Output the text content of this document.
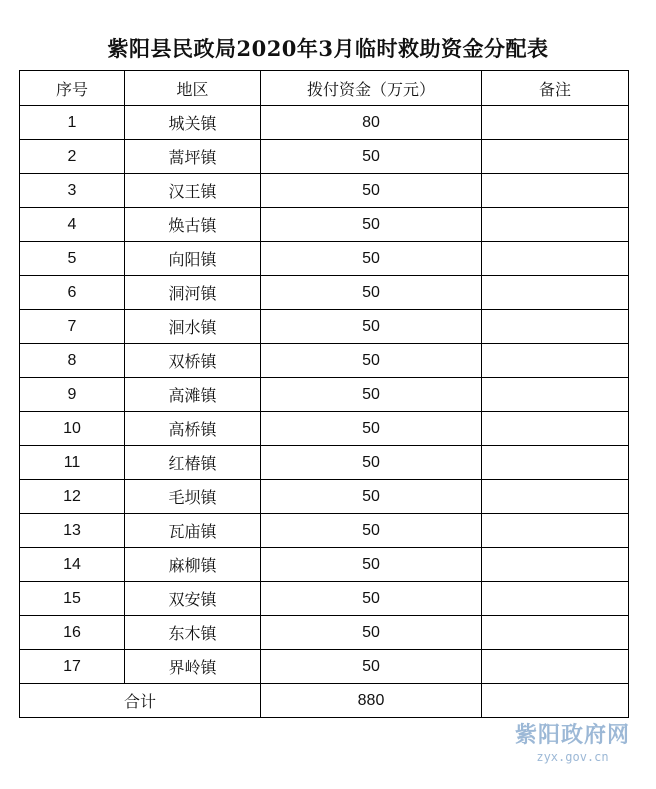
紫阳县民政局2020年3月临时救助资金分配表
序号	地区	拨付资金（万元）	备注
1	城关镇	80	
2	蒿坪镇	50	
3	汉王镇	50	
4	焕古镇	50	
5	向阳镇	50	
6	洞河镇	50	
7	洄水镇	50	
8	双桥镇	50	
9	高滩镇	50	
10	高桥镇	50	
11	红椿镇	50	
12	毛坝镇	50	
13	瓦庙镇	50	
14	麻柳镇	50	
15	双安镇	50	
16	东木镇	50	
17	界岭镇	50	
合计		880	
紫阳政府网
zyx.gov.cn
